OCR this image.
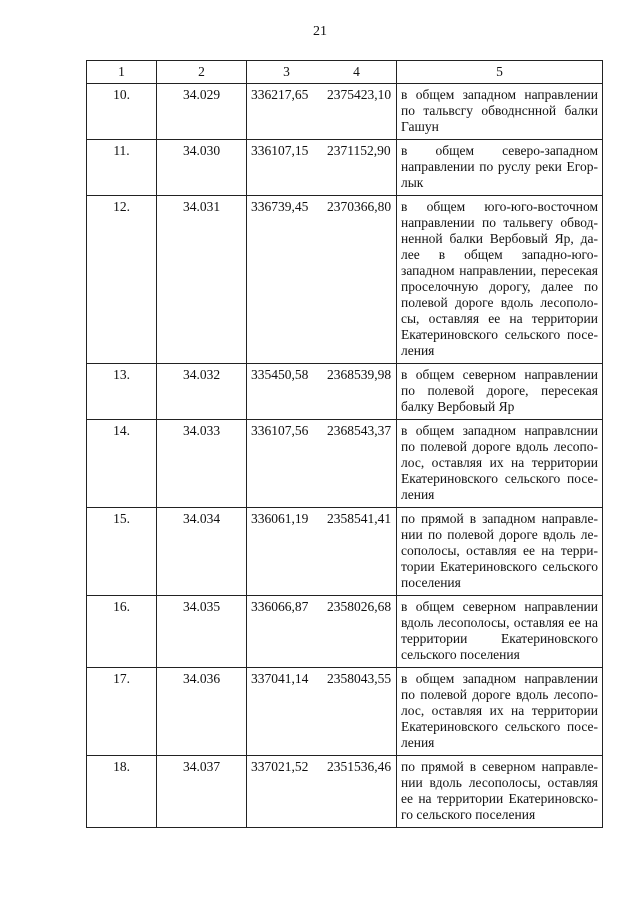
21
1	2	3 4	5
10.	34.029	336217,65 2375423,10	в общем западном направлении по тальвсгу обводнснной балки Гашун
11.	34.030	336107,15 2371152,90	в общем северо-западном направлении по руслу реки Егор-лык
12.	34.031	336739,45 2370366,80	в общем юго-юго-восточном направлении по тальвегу обвод-ненной балки Вербовый Яр, да-лее в общем западно-юго-западном направлении, пересекая проселочную дорогу, далее по полевой дороге вдоль лесополо-сы, оставляя ее на территории Екатериновского сельского посе-ления
13.	34.032	335450,58 2368539,98	в общем северном направлении по полевой дороге, пересекая балку Вербовый Яр
14.	34.033	336107,56 2368543,37	в общем западном направлснии по полевой дороге вдоль лесопо-лос, оставляя их на территории Екатериновского сельского посе-ления
15.	34.034	336061,19 2358541,41	по прямой в западном направле-нии по полевой дороге вдоль ле-сополосы, оставляя ее на терри-тории Екатериновского сельского поселения
16.	34.035	336066,87 2358026,68	в общем северном направлении вдоль лесополосы, оставляя ее на территории Екатериновского сельского поселения
17.	34.036	337041,14 2358043,55	в общем западном направлении по полевой дороге вдоль лесопо-лос, оставляя их на территории Екатериновского сельского посе-ления
18.	34.037	337021,52 2351536,46	по прямой в северном направле-нии вдоль лесополосы, оставляя ее на территории Екатериновско-го сельского поселения
